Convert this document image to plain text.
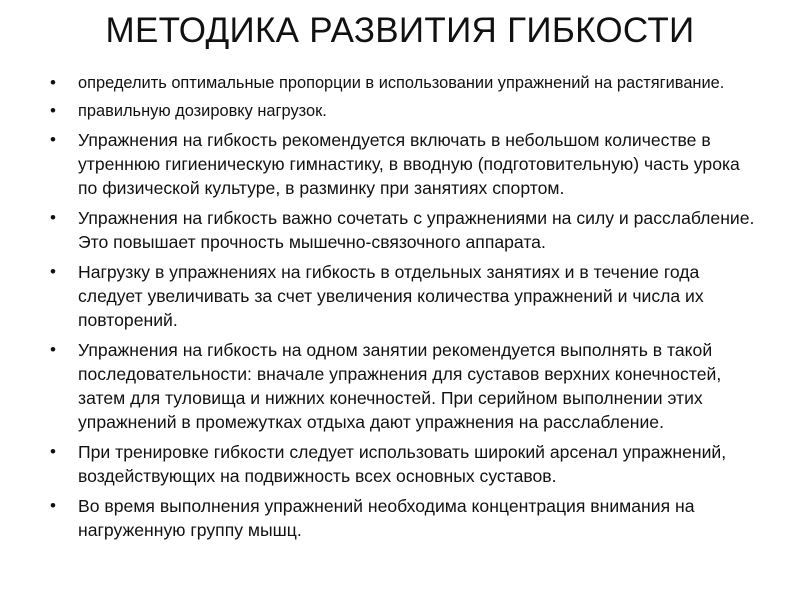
МЕТОДИКА РАЗВИТИЯ ГИБКОСТИ
• определить оптимальные пропорции в использовании упражнений на растягивание.
• правильную дозировку нагрузок.
• Упражнения на гибкость рекомендуется включать в небольшом количестве в утреннюю гигиеническую гимнастику, в вводную (подготовительную) часть урока по физической культуре, в разминку при занятиях спортом.
• Упражнения на гибкость важно сочетать с упражнениями на силу и расслабление. Это повышает прочность мышечно-связочного аппарата.
• Нагрузку в упражнениях на гибкость в отдельных занятиях и в течение года следует увеличивать за счет увеличения количества упражнений и числа их повторений.
• Упражнения на гибкость на одном занятии рекомендуется выполнять в такой последовательности: вначале упражнения для суставов верхних конечностей, затем для туловища и нижних конечностей. При серийном выполнении этих упражнений в промежутках отдыха дают упражнения на расслабление.
• При тренировке гибкости следует использовать широкий арсенал упражнений, воздействующих на подвижность всех основных суставов.
• Во время выполнения упражнений необходима концентрация внимания на нагруженную группу мышц.
